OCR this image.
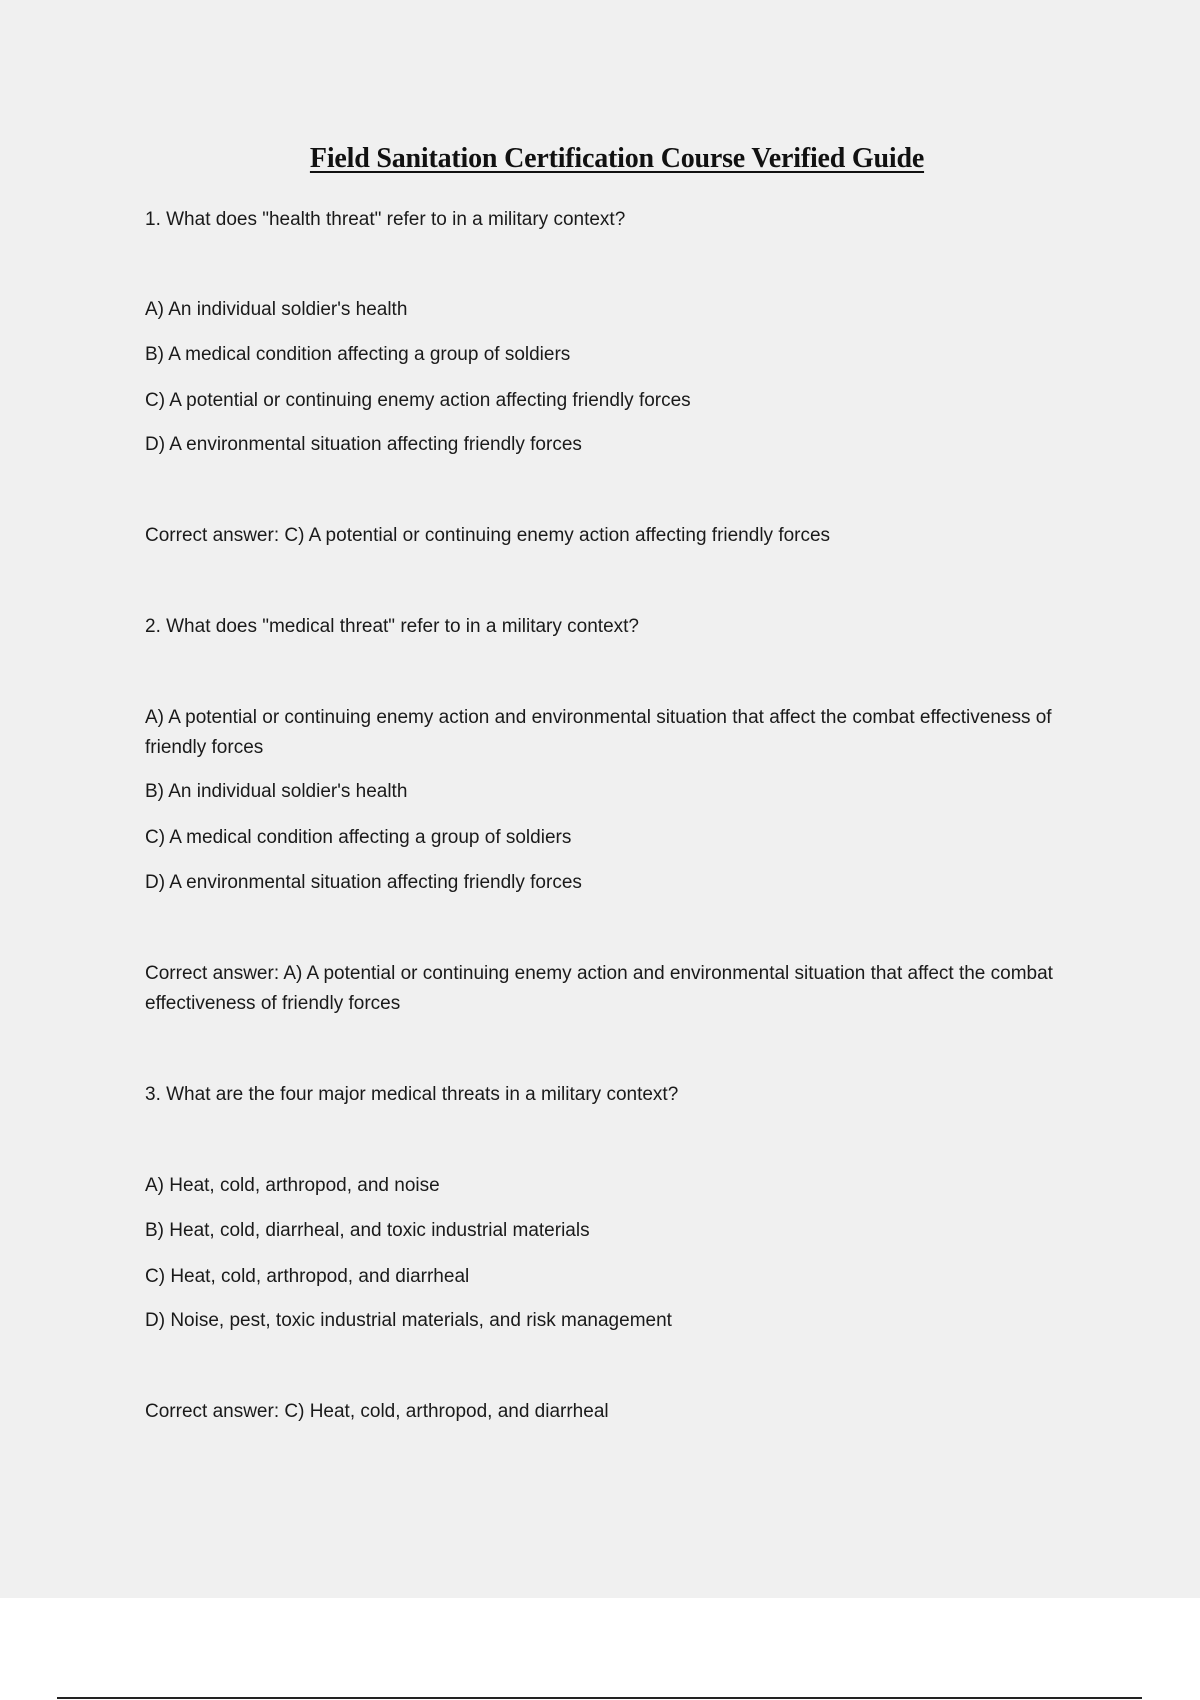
Field Sanitation Certification Course Verified Guide

1. What does "health threat" refer to in a military context?

A) An individual soldier's health

B) A medical condition affecting a group of soldiers

C) A potential or continuing enemy action affecting friendly forces

D) A environmental situation affecting friendly forces

Correct answer: C) A potential or continuing enemy action affecting friendly forces

2. What does "medical threat" refer to in a military context?

A) A potential or continuing enemy action and environmental situation that affect the combat effectiveness of friendly forces

B) An individual soldier's health

C) A medical condition affecting a group of soldiers

D) A environmental situation affecting friendly forces

Correct answer: A) A potential or continuing enemy action and environmental situation that affect the combat effectiveness of friendly forces

3. What are the four major medical threats in a military context?

A) Heat, cold, arthropod, and noise

B) Heat, cold, diarrheal, and toxic industrial materials

C) Heat, cold, arthropod, and diarrheal

D) Noise, pest, toxic industrial materials, and risk management

Correct answer: C) Heat, cold, arthropod, and diarrheal
